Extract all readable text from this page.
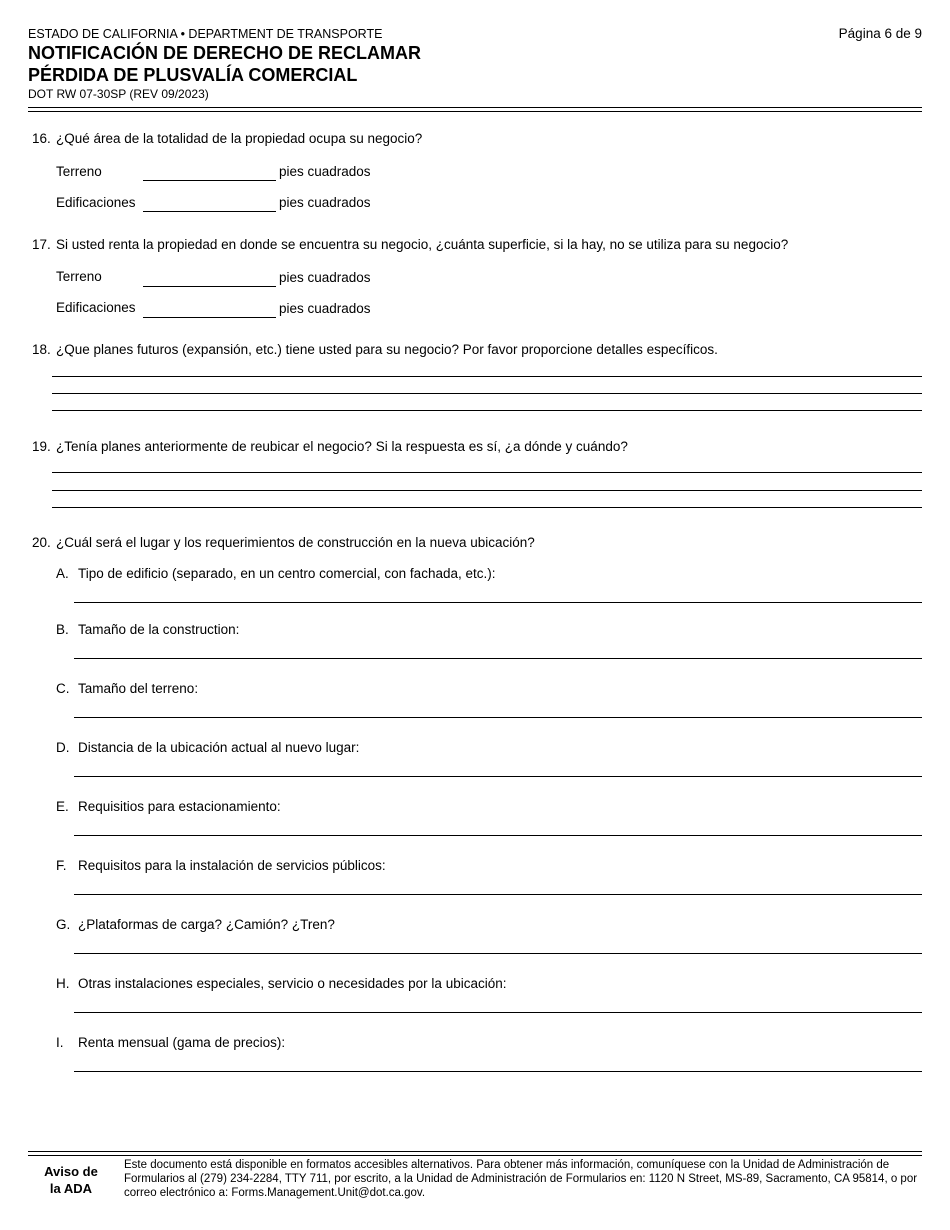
ESTADO DE CALIFORNIA • DEPARTMENT DE TRANSPORTE	Página 6 de 9
NOTIFICACIÓN DE DERECHO DE RECLAMAR
PÉRDIDA DE PLUSVALÍA COMERCIAL
DOT RW 07-30SP (REV 09/2023)
16. ¿Qué área de la totalidad de la propiedad ocupa su negocio?
Terreno	pies cuadrados
Edificaciones	pies cuadrados
17. Si usted renta la propiedad en donde se encuentra su negocio, ¿cuánta superficie, si la hay, no se utiliza para su negocio?
Terreno	pies cuadrados
Edificaciones	pies cuadrados
18. ¿Que planes futuros (expansión, etc.) tiene usted para su negocio? Por favor proporcione detalles específicos.
19. ¿Tenía planes anteriormente de reubicar el negocio? Si la respuesta es sí, ¿a dónde y cuándo?
20. ¿Cuál será el lugar y los requerimientos de construcción en la nueva ubicación?
A. Tipo de edificio (separado, en un centro comercial, con fachada, etc.):
B. Tamaño de la construction:
C. Tamaño del terreno:
D. Distancia de la ubicación actual al nuevo lugar:
E. Requisitios para estacionamiento:
F. Requisitos para la instalación de servicios públicos:
G. ¿Plataformas de carga? ¿Camión? ¿Tren?
H. Otras instalaciones especiales, servicio o necesidades por la ubicación:
I. Renta mensual (gama de precios):
Aviso de
la ADA
Este documento está disponible en formatos accesibles alternativos. Para obtener más información, comuníquese con la Unidad de Administración de Formularios al (279) 234-2284, TTY 711, por escrito, a la Unidad de Administración de Formularios en: 1120 N Street, MS-89, Sacramento, CA 95814, o por correo electrónico a: Forms.Management.Unit@dot.ca.gov.
